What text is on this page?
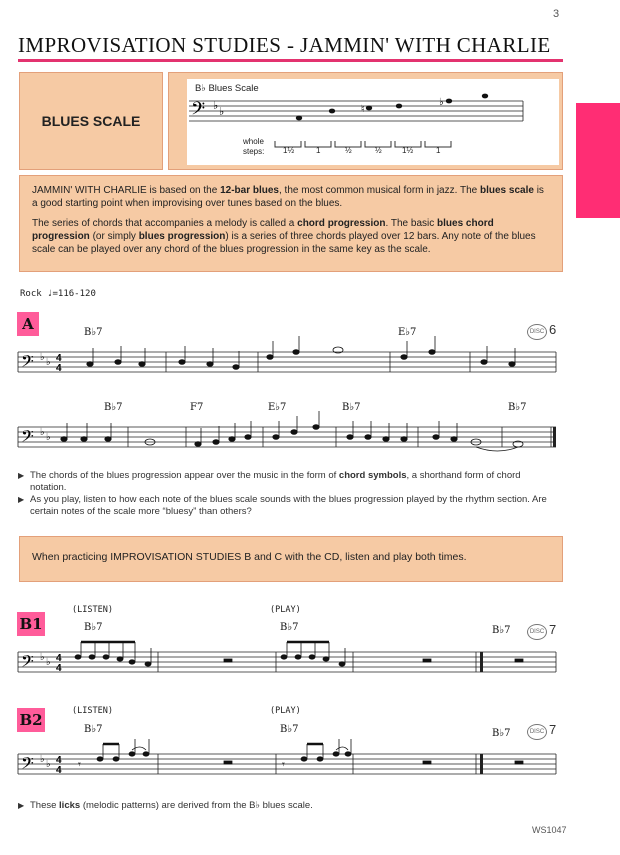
3
IMPROVISATION STUDIES - JAMMIN' WITH CHARLIE
BLUES SCALE
B♭ Blues Scale
𝄢 ♭ ♭	♮
♭
whole
steps: 1½	1	½	½	1½	1

JAMMIN' WITH CHARLIE is based on the 12-bar blues, the most common musical form in jazz. The blues scale is a good starting point when improvising over tunes based on the blues.

The series of chords that accompanies a melody is called a chord progression. The basic blues chord progression (or simply blues progression) is a series of three chords played over 12 bars. Any note of the blues scale can be played over any chord of the blues progression in the same key as the scale.

Rock ♩=116-120
A	B♭7	E♭7	DISC 6
𝄢 ♭ ♭ 4
4
B♭7	F7	E♭7	B♭7	B♭7
𝄢 ♭ ♭
▶ The chords of the blues progression appear over the music in the form of chord symbols, a shorthand form of chord notation.
▶ As you play, listen to how each note of the blues scale sounds with the blues progression played by the rhythm section. Are certain notes of the scale more “bluesy” than others?
When practicing IMPROVISATION STUDIES B and C with the CD, listen and play both times.
B1
(LISTEN)	(PLAY)
B♭7	B♭7	B♭7	DISC 7
𝄢 ♭ ♭ 4
4
B2	(LISTEN)	(PLAY)
B♭7	B♭7	B♭7	DISC 7
𝄢 ♭ ♭ 4
4 𝄾	𝄾
▶ These licks (melodic patterns) are derived from the B♭ blues scale.
WS1047
